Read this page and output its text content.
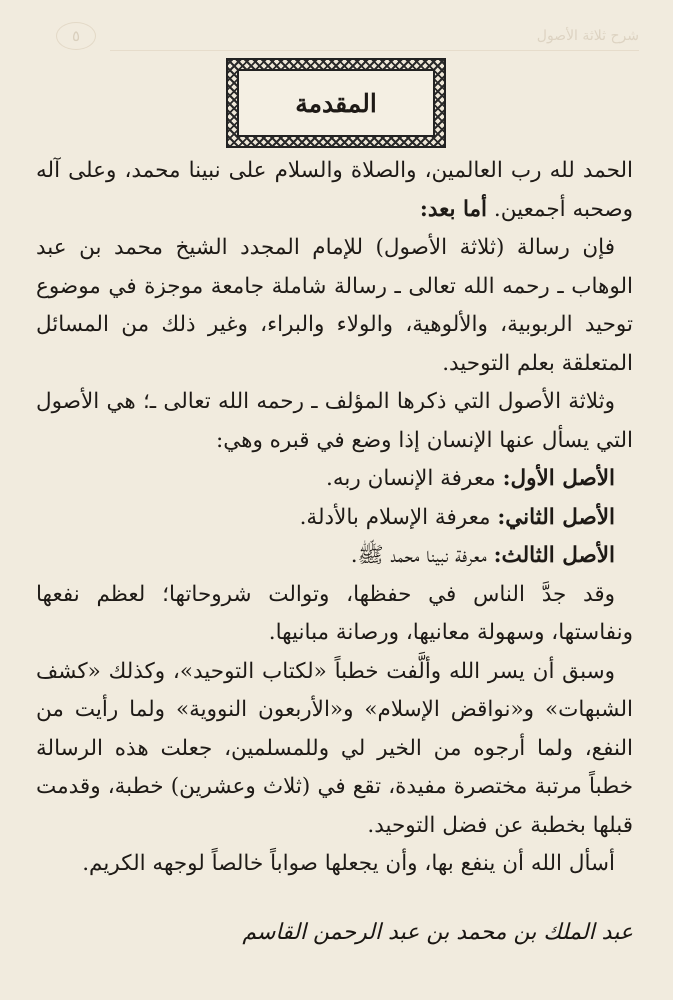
٥	شرح ثلاثة الأصول
المقدمة

الحمد لله رب العالمين، والصلاة والسلام على نبينا محمد، وعلى آله وصحبه أجمعين. أما بعد:

فإن رسالة (ثلاثة الأصول) للإمام المجدد الشيخ محمد بن عبد الوهاب ـ رحمه الله تعالى ـ رسالة شاملة جامعة موجزة في موضوع توحيد الربوبية، والألوهية، والولاء والبراء، وغير ذلك من المسائل المتعلقة بعلم التوحيد.

وثلاثة الأصول التي ذكرها المؤلف ـ رحمه الله تعالى ـ؛ هي الأصول التي يسأل عنها الإنسان إذا وضع في قبره وهي:

الأصل الأول: معرفة الإنسان ربه.

الأصل الثاني: معرفة الإسلام بالأدلة.

الأصل الثالث: معرفة نبينا محمد ﷺ.

وقد جدَّ الناس في حفظها، وتوالت شروحاتها؛ لعظم نفعها ونفاستها، وسهولة معانيها، ورصانة مبانيها.

وسبق أن يسر الله وألَّفت خطباً «لكتاب التوحيد»، وكذلك «كشف الشبهات» و«نواقض الإسلام» و«الأربعون النووية» ولما رأيت من النفع، ولما أرجوه من الخير لي وللمسلمين، جعلت هذه الرسالة خطباً مرتبة مختصرة مفيدة، تقع في (ثلاث وعشرين) خطبة، وقدمت قبلها بخطبة عن فضل التوحيد.

أسأل الله أن ينفع بها، وأن يجعلها صواباً خالصاً لوجهه الكريم.

عبد الملك بن محمد بن عبد الرحمن القاسم
